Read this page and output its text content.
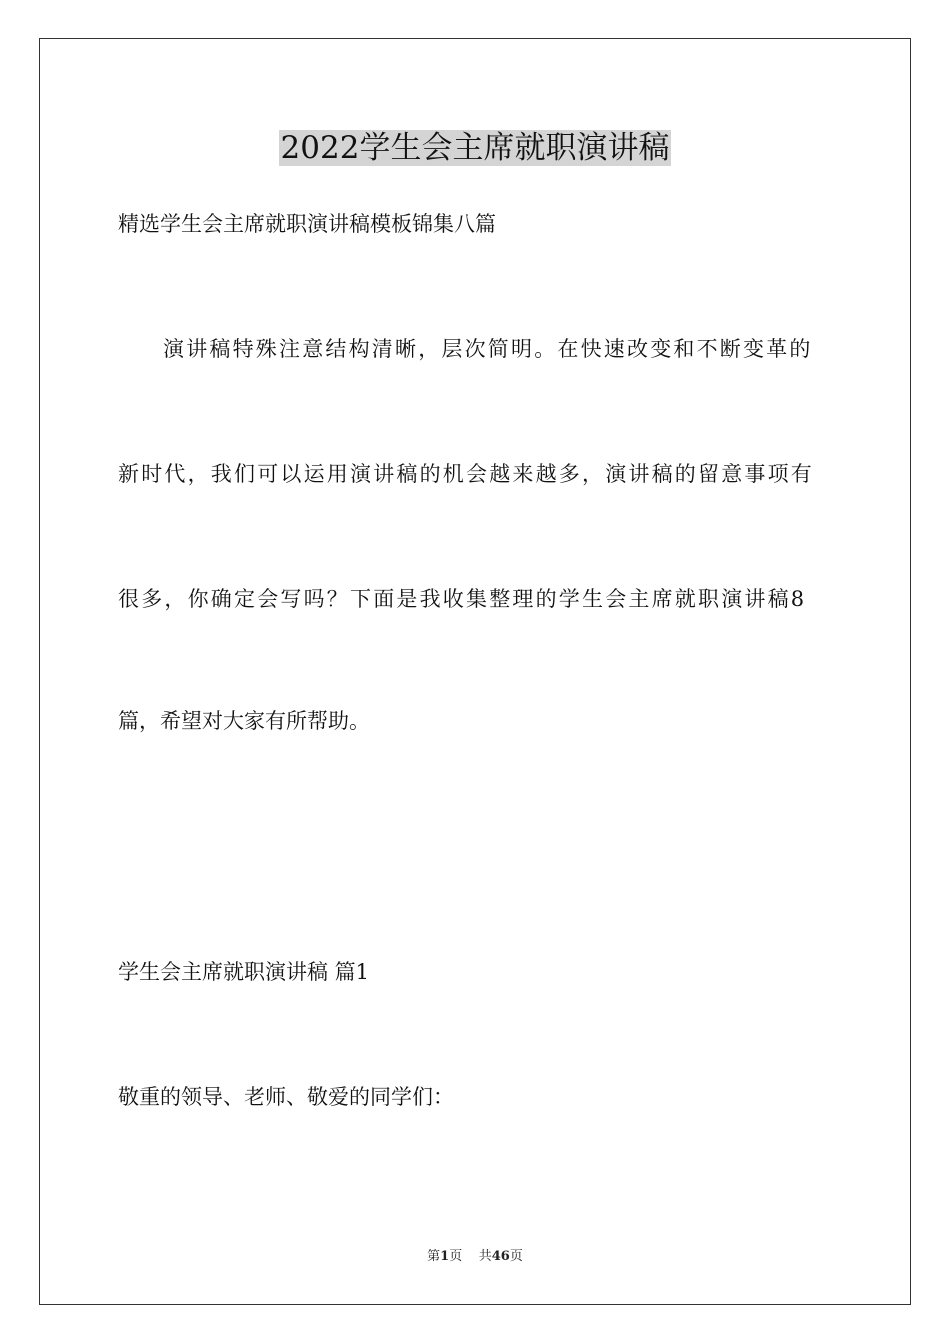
2022学生会主席就职演讲稿

精选学生会主席就职演讲稿模板锦集八篇

演讲稿特殊注意结构清晰，层次简明。在快速改变和不断变革的

新时代，我们可以运用演讲稿的机会越来越多，演讲稿的留意事项有

很多，你确定会写吗？下面是我收集整理的学生会主席就职演讲稿8

篇，希望对大家有所帮助。

学生会主席就职演讲稿 篇1

敬重的领导、老师、敬爱的同学们：

第1页 共46页
